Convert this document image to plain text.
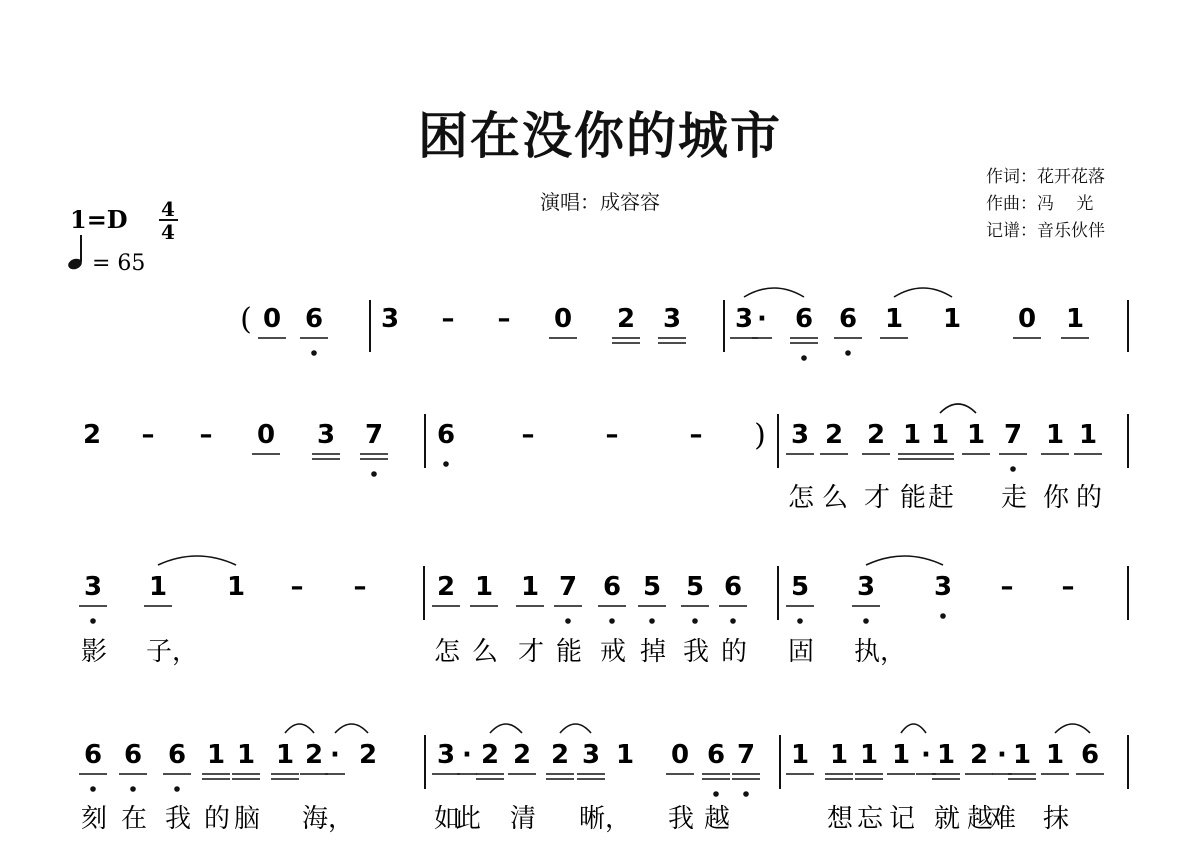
困在没你的城市
演唱：成容容
作词：花开花落
作曲：冯　 光
记谱：音乐伙伴
1=D 4
4
= 65
( 0 6 3 – – 0 2 3 3 · 6 6 1 1 0 1
2 – – 0 3 7 6	–	–	– ) 3 2 2 1 1 1 7 1 1
怎 么 才 能 赶 走 你 的
3 1 1 – –	2 1 1 7 6 5 5 6 5 3 3 – –
影 子，	怎 么 才 能 戒 掉 我 的 固 执，
6 6 6 1 1 1 2 · 2 3 · 2 2 2 3 1 0 6 7 1 1 1 1 · 1 2 · 1 1 6
刻 在 我 的 脑 海，	如
此 清 晰， 我 越	想 忘 记 就 越
难 抹
